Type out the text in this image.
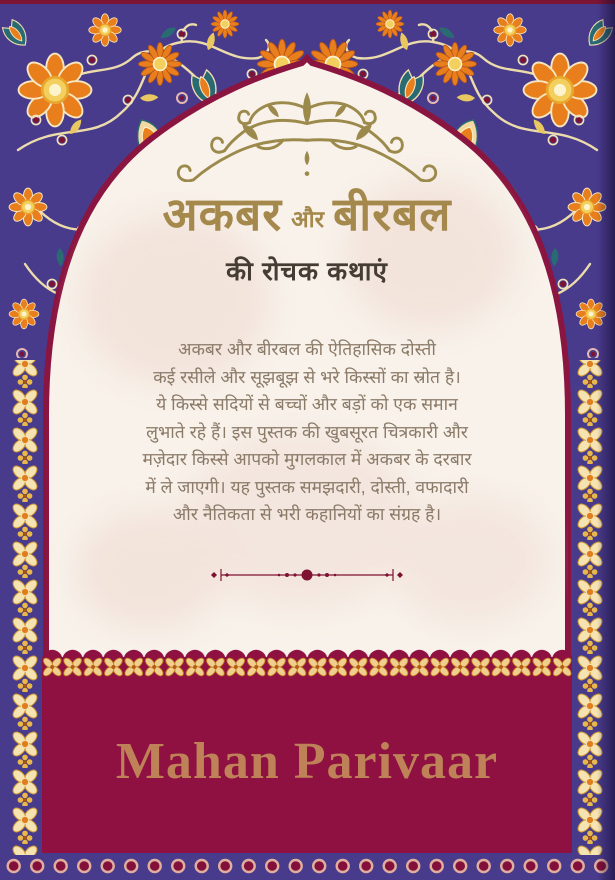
अकबर और बीरबल
की रोचक कथाएं
अकबर और बीरबल की ऐतिहासिक दोस्ती
कई रसीले और सूझबूझ से भरे किस्सों का स्रोत है।
ये किस्से सदियों से बच्चों और बड़ों को एक समान
लुभाते रहे हैं। इस पुस्तक की खुबसूरत चित्रकारी और
मज़ेदार किस्से आपको मुगलकाल में अकबर के दरबार
में ले जाएगी। यह पुस्तक समझदारी, दोस्ती, वफादारी
और नैतिकता से भरी कहानियों का संग्रह है।
Mahan Parivaar
